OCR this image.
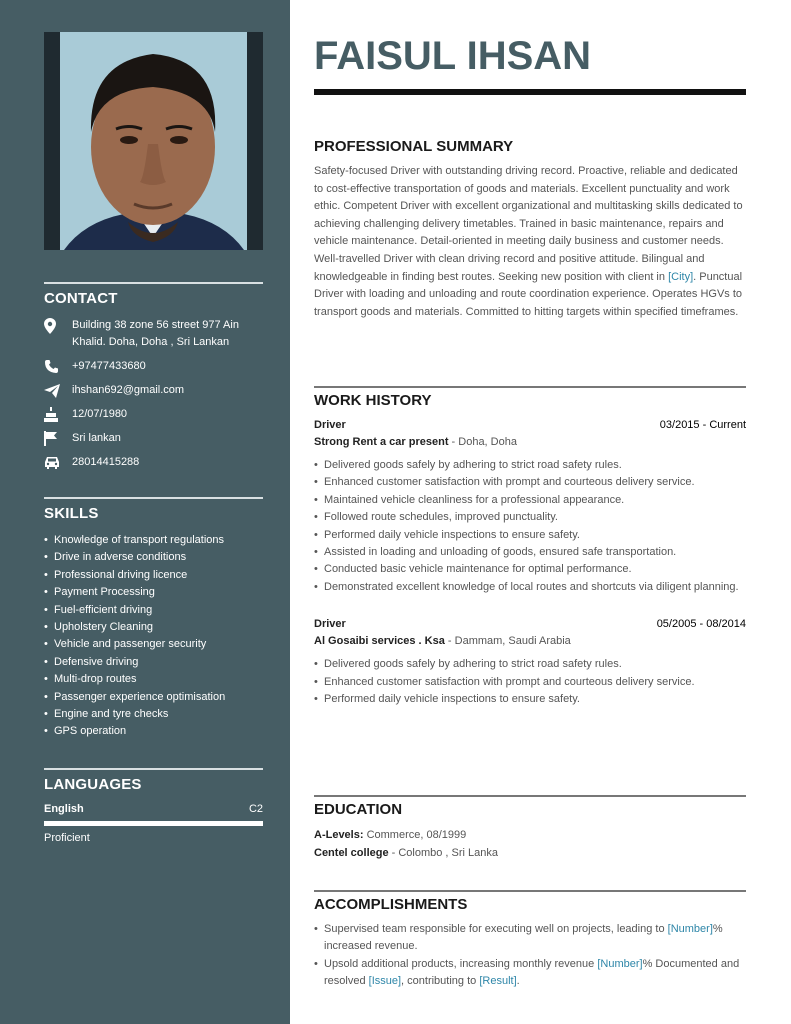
CONTACT
Building 38 zone 56 street 977 Ain Khalid. Doha, Doha , Sri Lankan
+97477433680
ihshan692@gmail.com
12/07/1980
Sri lankan
28014415288
SKILLS
• Knowledge of transport regulations
• Drive in adverse conditions
• Professional driving licence
• Payment Processing
• Fuel-efficient driving
• Upholstery Cleaning
• Vehicle and passenger security
• Defensive driving
• Multi-drop routes
• Passenger experience optimisation
• Engine and tyre checks
• GPS operation
LANGUAGES
English	C2
Proficient
FAISUL IHSAN
PROFESSIONAL SUMMARY

Safety-focused Driver with outstanding driving record. Proactive, reliable and dedicated to cost-effective transportation of goods and materials. Excellent punctuality and work ethic. Competent Driver with excellent organizational and multitasking skills dedicated to achieving challenging delivery timetables. Trained in basic maintenance, repairs and vehicle maintenance. Detail-oriented in meeting daily business and customer needs. Well-travelled Driver with clean driving record and positive attitude. Bilingual and knowledgeable in finding best routes. Seeking new position with client in [City]. Punctual Driver with loading and unloading and route coordination experience. Operates HGVs to transport goods and materials. Committed to hitting targets within specified timeframes.

WORK HISTORY
Driver	03/2015 - Current
Strong Rent a car present - Doha, Doha
• Delivered goods safely by adhering to strict road safety rules.
• Enhanced customer satisfaction with prompt and courteous delivery service.
• Maintained vehicle cleanliness for a professional appearance.
• Followed route schedules, improved punctuality.
• Performed daily vehicle inspections to ensure safety.
• Assisted in loading and unloading of goods, ensured safe transportation.
• Conducted basic vehicle maintenance for optimal performance.
• Demonstrated excellent knowledge of local routes and shortcuts via diligent planning.
Driver	05/2005 - 08/2014
Al Gosaibi services . Ksa - Dammam, Saudi Arabia
• Delivered goods safely by adhering to strict road safety rules.
• Enhanced customer satisfaction with prompt and courteous delivery service.
• Performed daily vehicle inspections to ensure safety.
EDUCATION
A-Levels: Commerce, 08/1999
Centel college - Colombo , Sri Lanka
ACCOMPLISHMENTS
• Supervised team responsible for executing well on projects, leading to [Number]% increased revenue.
• Upsold additional products, increasing monthly revenue [Number]% Documented and resolved [Issue], contributing to [Result].
